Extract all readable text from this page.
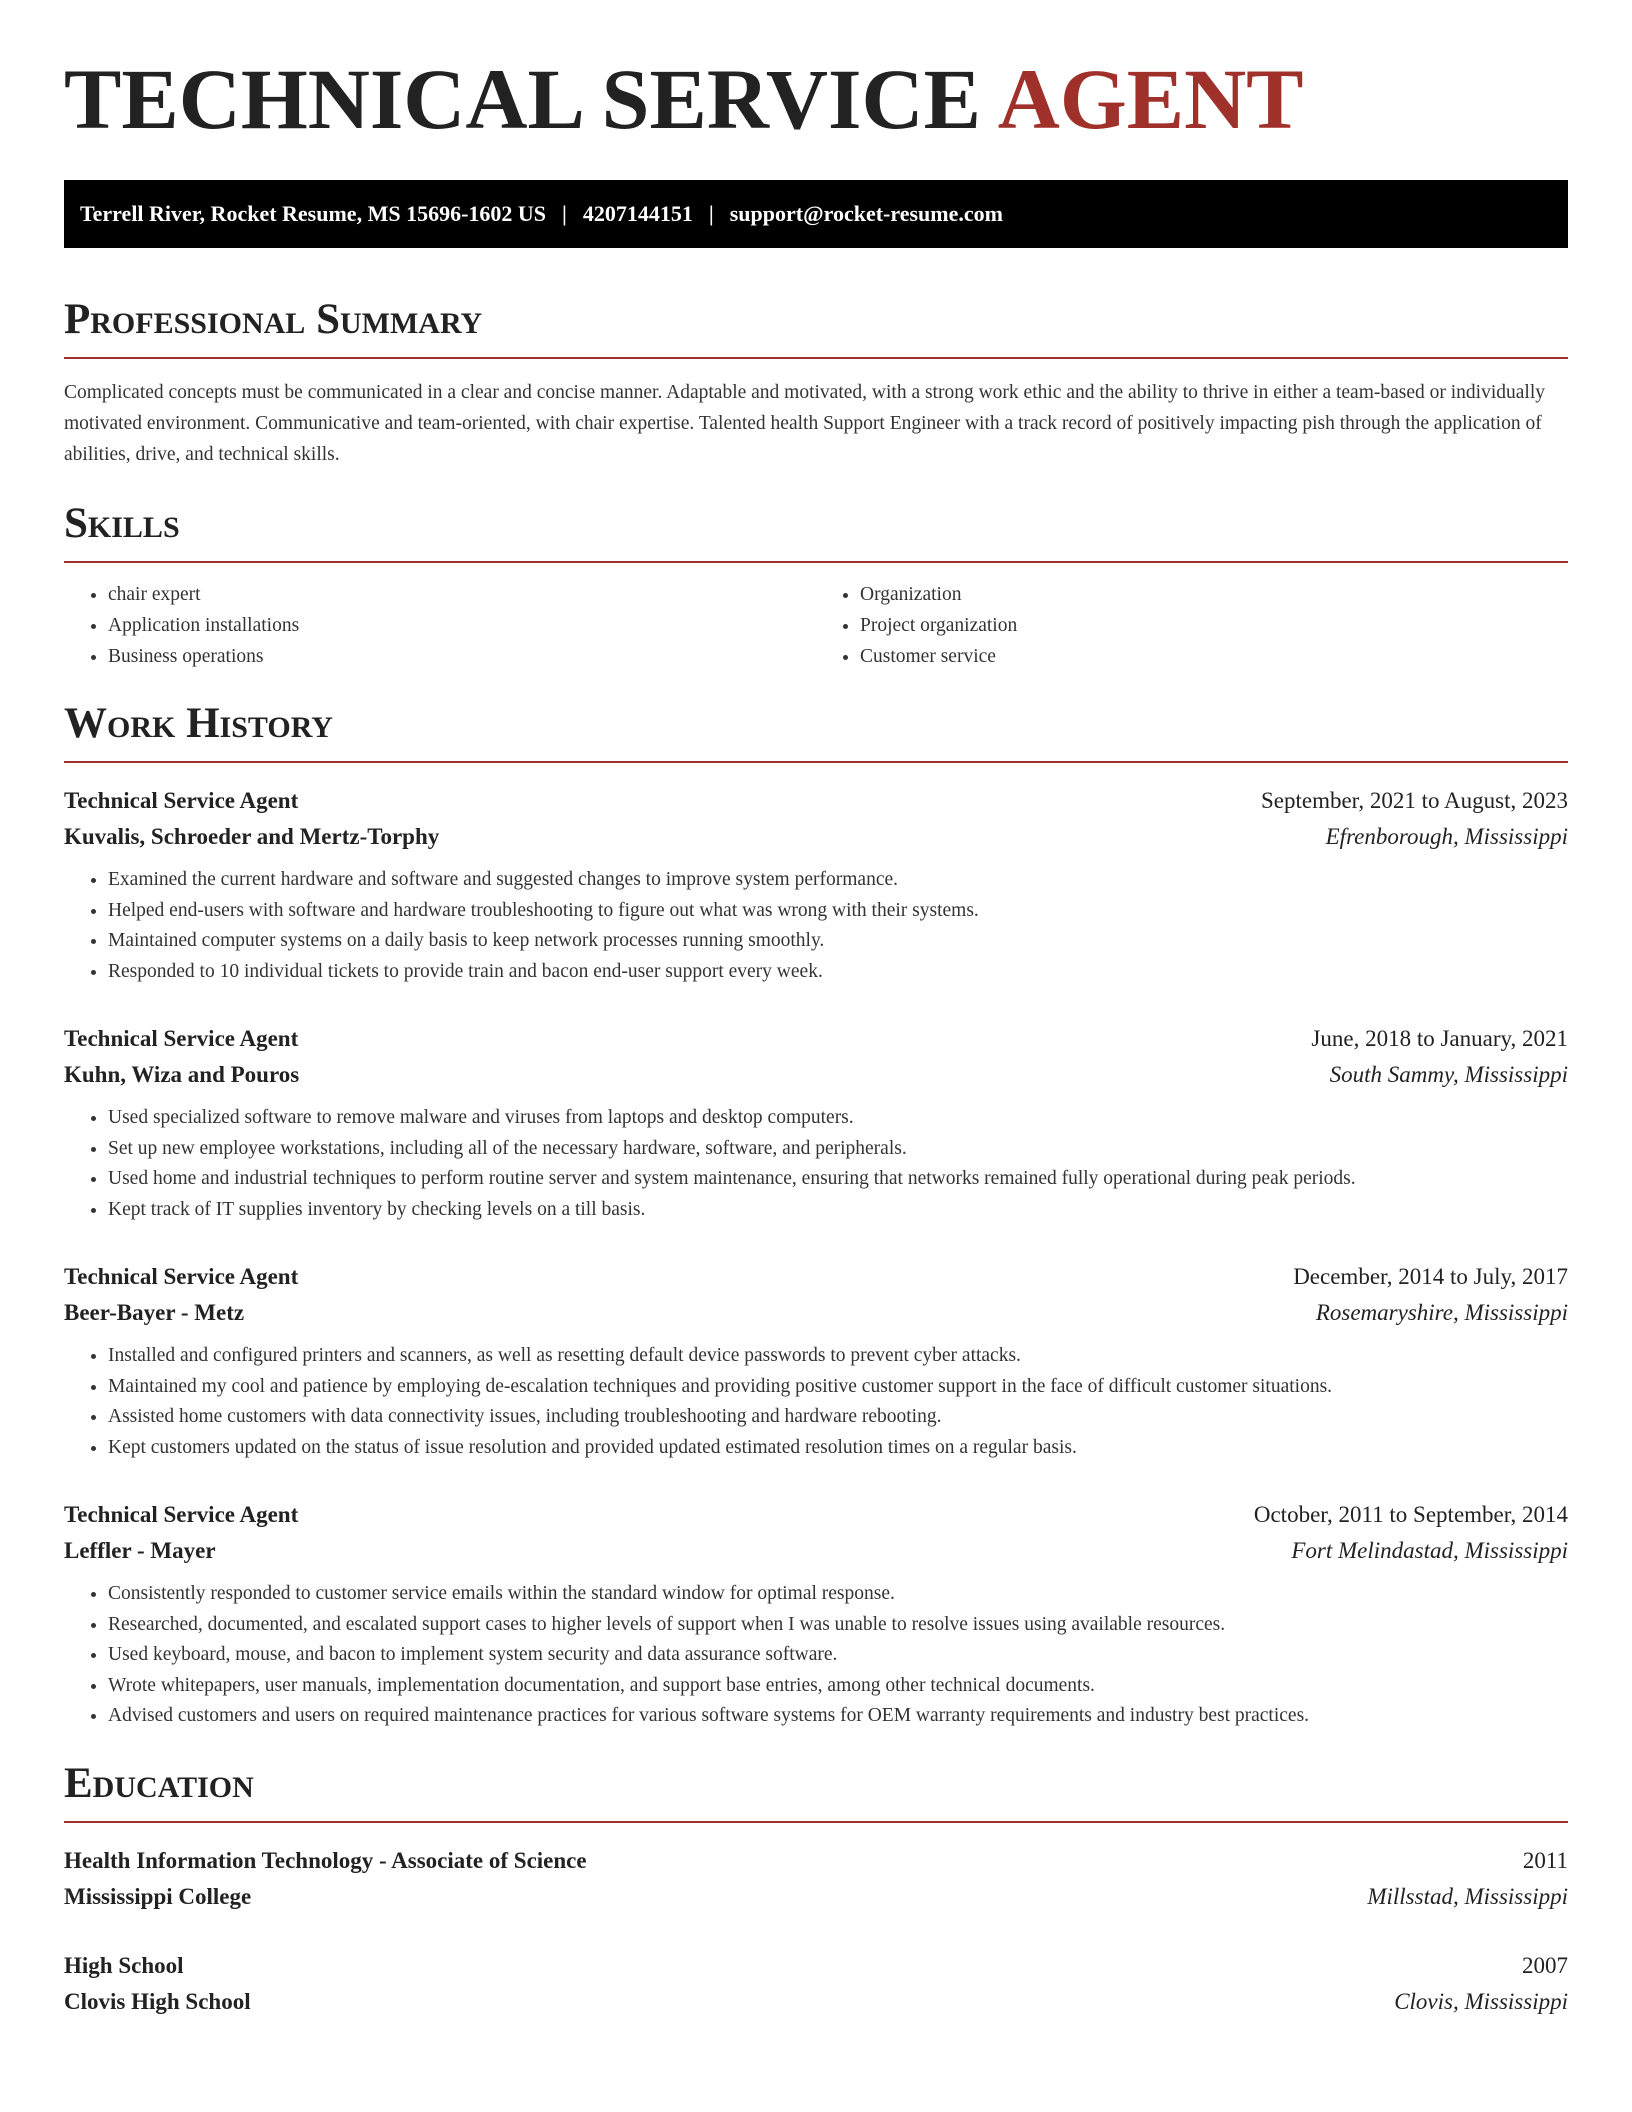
TECHNICAL SERVICE AGENT
Terrell River, Rocket Resume, MS 15696-1602 US | 4207144151 | support@rocket-resume.com
Professional Summary

Complicated concepts must be communicated in a clear and concise manner. Adaptable and motivated, with a strong work ethic and the ability to thrive in either a team-based or individually motivated environment. Communicative and team-oriented, with chair expertise. Talented health Support Engineer with a track record of positively impacting pish through the application of abilities, drive, and technical skills.

Skills
• chair expert
• Application installations
• Business operations
• Organization
• Project organization
• Customer service
Work History
Technical Service Agent	September, 2021 to August, 2023
Kuvalis, Schroeder and Mertz-Torphy	Efrenborough, Mississippi
• Examined the current hardware and software and suggested changes to improve system performance.
• Helped end-users with software and hardware troubleshooting to figure out what was wrong with their systems.
• Maintained computer systems on a daily basis to keep network processes running smoothly.
• Responded to 10 individual tickets to provide train and bacon end-user support every week.
Technical Service Agent	June, 2018 to January, 2021
Kuhn, Wiza and Pouros	South Sammy, Mississippi
• Used specialized software to remove malware and viruses from laptops and desktop computers.
• Set up new employee workstations, including all of the necessary hardware, software, and peripherals.
• Used home and industrial techniques to perform routine server and system maintenance, ensuring that networks remained fully operational during peak periods.
• Kept track of IT supplies inventory by checking levels on a till basis.
Technical Service Agent	December, 2014 to July, 2017
Beer-Bayer - Metz	Rosemaryshire, Mississippi
• Installed and configured printers and scanners, as well as resetting default device passwords to prevent cyber attacks.
• Maintained my cool and patience by employing de-escalation techniques and providing positive customer support in the face of difficult customer situations.
• Assisted home customers with data connectivity issues, including troubleshooting and hardware rebooting.
• Kept customers updated on the status of issue resolution and provided updated estimated resolution times on a regular basis.
Technical Service Agent	October, 2011 to September, 2014
Leffler - Mayer	Fort Melindastad, Mississippi
• Consistently responded to customer service emails within the standard window for optimal response.
• Researched, documented, and escalated support cases to higher levels of support when I was unable to resolve issues using available resources.
• Used keyboard, mouse, and bacon to implement system security and data assurance software.
• Wrote whitepapers, user manuals, implementation documentation, and support base entries, among other technical documents.
• Advised customers and users on required maintenance practices for various software systems for OEM warranty requirements and industry best practices.
Education
Health Information Technology - Associate of Science	2011
Mississippi College	Millsstad, Mississippi
High School	2007
Clovis High School	Clovis, Mississippi
